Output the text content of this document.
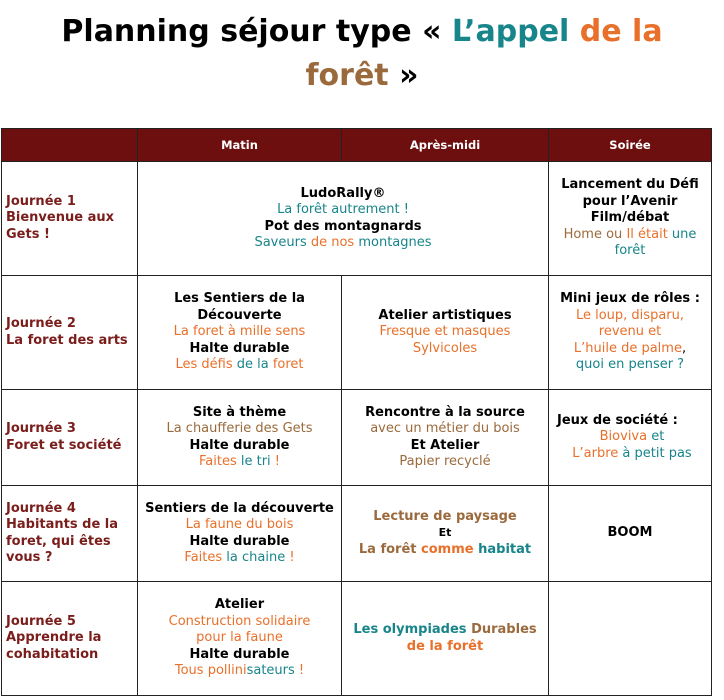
Planning séjour type « L’appel de la
forêt »
	Matin	Après-midi	Soirée
Journée 1
Bienvenue aux Gets !	LudoRally®
La forêt autrement !
Pot des montagnards
Saveurs de nos montagnes		Lancement du Défi
pour l’Avenir
Film/débat
Home ou Il était une
forêt
Journée 2
La foret des arts	Les Sentiers de la
Découverte
La foret à mille sens
Halte durable
Les défis de la foret	Atelier artistiques
Fresque et masques
Sylvicoles	Mini jeux de rôles :
Le loup, disparu,
revenu et
L’huile de palme,
quoi en penser ?
Journée 3
Foret et société	Site à thème
La chaufferie des Gets
Halte durable
Faites le tri !	Rencontre à la source
avec un métier du bois
Et Atelier
Papier recyclé	Jeux de société :

Bioviva et
L’arbre à petit pas

Journée 4
Habitants de la foret, qui êtes vous ?	Sentiers de la découverte
La faune du bois
Halte durable
Faites la chaine !	Lecture de paysage
Et
La forêt comme habitat	BOOM
Journée 5
Apprendre la cohabitation	Atelier
Construction solidaire
pour la faune
Halte durable
Tous pollinisateurs !	Les olympiades Durables
de la forêt	
